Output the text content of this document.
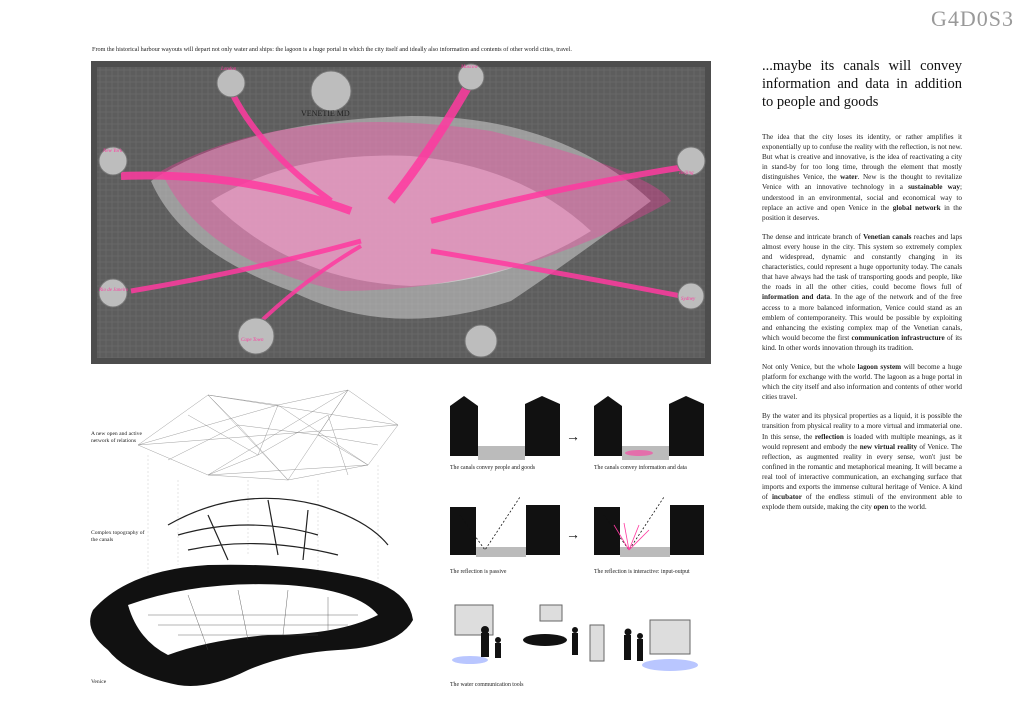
G4D0S3
From the historical harbour wayouts will depart not only water and ships: the lagoon is a huge portal in which the city itself and ideally also information and contents of other world cities, travel.
VENETIE MD
London	Moscow
New York
Beijing
Rio de Janeiro
Cape Town
Sydney
...maybe its canals will convey information and data in addition to people and goods

The idea that the city loses its identity, or rather amplifies it exponentially up to confuse the reality with the reflection, is not new. But what is creative and innovative, is the idea of reactivating a city in stand-by for too long time, through the element that mostly distinguishes Venice, the water. New is the thought to revitalize Venice with an innovative technology in a sustainable way; understood in an environmental, social and economical way to replace an active and open Venice in the global network in the position it deserves.

The dense and intricate branch of Venetian canals reaches and laps almost every house in the city. This system so extremely complex and widespread, dynamic and constantly changing in its characteristics, could represent a huge opportunity today. The canals that have always had the task of transporting goods and people, like the roads in all the other cities, could become flows full of information and data. In the age of the network and of the free access to a more balanced information, Venice could stand as an emblem of contemporaneity. This would be possible by exploiting and enhancing the existing complex map of the Venetian canals, which would become the first communication infrastructure of its kind. In other words innovation through its tradition.

Not only Venice, but the whole lagoon system will become a huge platform for exchange with the world. The lagoon as a huge portal in which the city itself and also information and contents of other world cities travel.

By the water and its physical properties as a liquid, it is possible the transition from physical reality to a more virtual and immaterial one. In this sense, the reflection is loaded with multiple meanings, as it would represent and embody the new virtual reality of Venice. The reflection, as augmented reality in every sense, won't just be confined in the romantic and metaphorical meaning. It will became a real tool of interactive communication, an exchanging surface that imports and exports the immense cultural heritage of Venice. A kind of incubator of the endless stimuli of the environment able to explode them outside, making the city open to the world.

A new open and active network of relations
Complex topography of the canals
Venice
The canals convey people and goods
→
The canals convey information and data
The reflection is passive
→
The reflection is interactive: input-output
The water communication tools
